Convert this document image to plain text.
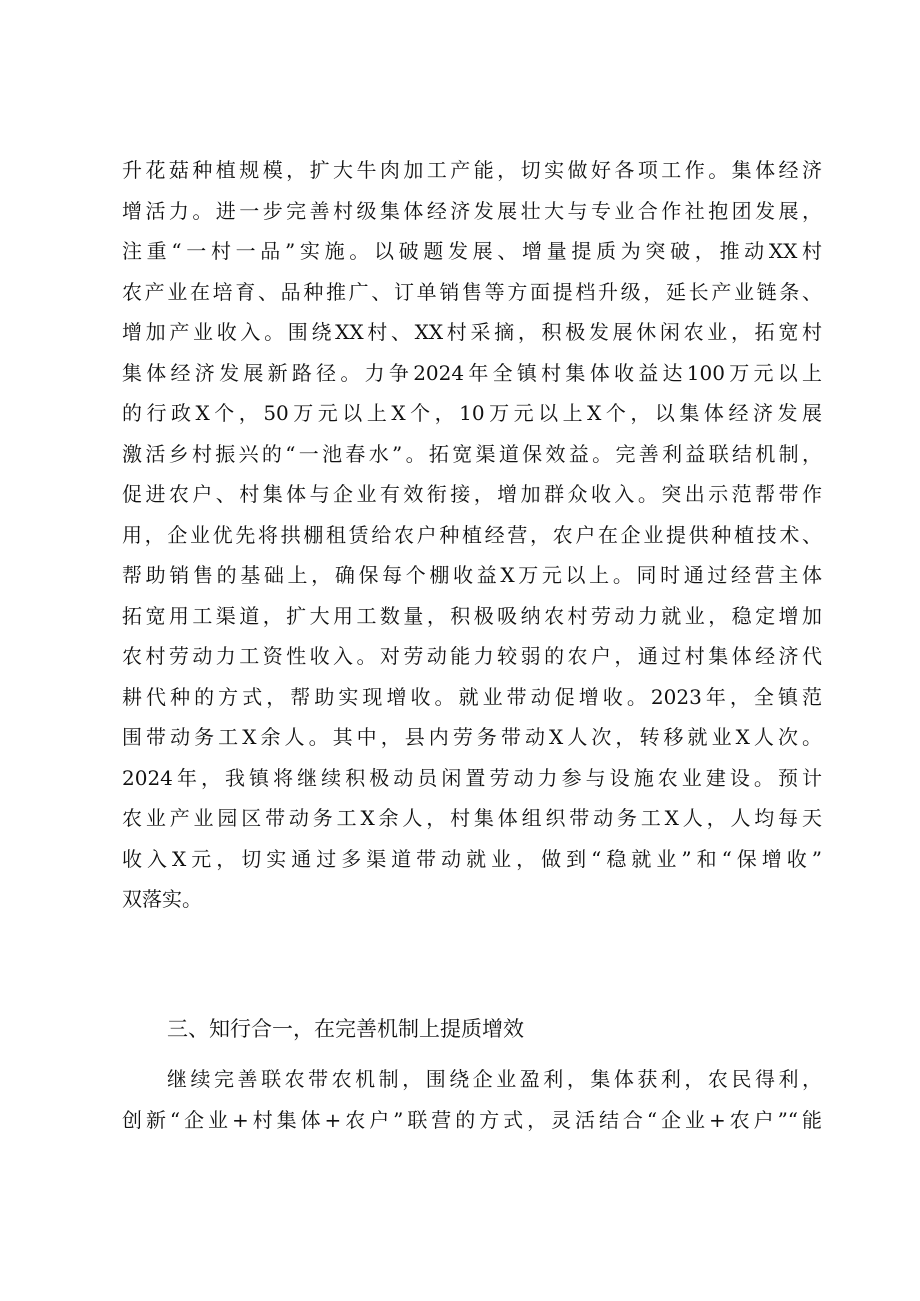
升花菇种植规模，扩大牛肉加工产能，切实做好各项工作。集体经济
增活力。进一步完善村级集体经济发展壮大与专业合作社抱团发展，
注重“一村一品”实施。以破题发展、增量提质为突破，推动XX村
农产业在培育、品种推广、订单销售等方面提档升级，延长产业链条、
增加产业收入。围绕XX村、XX村采摘，积极发展休闲农业，拓宽村
集体经济发展新路径。力争2024年全镇村集体收益达100万元以上
的行政X个，50万元以上X个，10万元以上X个，以集体经济发展
激活乡村振兴的“一池春水”。拓宽渠道保效益。完善利益联结机制，
促进农户、村集体与企业有效衔接，增加群众收入。突出示范帮带作
用，企业优先将拱棚租赁给农户种植经营，农户在企业提供种植技术、
帮助销售的基础上，确保每个棚收益X万元以上。同时通过经营主体
拓宽用工渠道，扩大用工数量，积极吸纳农村劳动力就业，稳定增加
农村劳动力工资性收入。对劳动能力较弱的农户，通过村集体经济代
耕代种的方式，帮助实现增收。就业带动促增收。2023年，全镇范
围带动务工X余人。其中，县内劳务带动X人次，转移就业X人次。
2024年，我镇将继续积极动员闲置劳动力参与设施农业建设。预计
农业产业园区带动务工X余人，村集体组织带动务工X人，人均每天
收入X元，切实通过多渠道带动就业，做到“稳就业”和“保增收”
双落实。
三、知行合一，在完善机制上提质增效
继续完善联农带农机制，围绕企业盈利，集体获利，农民得利，
创新“企业+村集体+农户”联营的方式，灵活结合“企业+农户”“能
